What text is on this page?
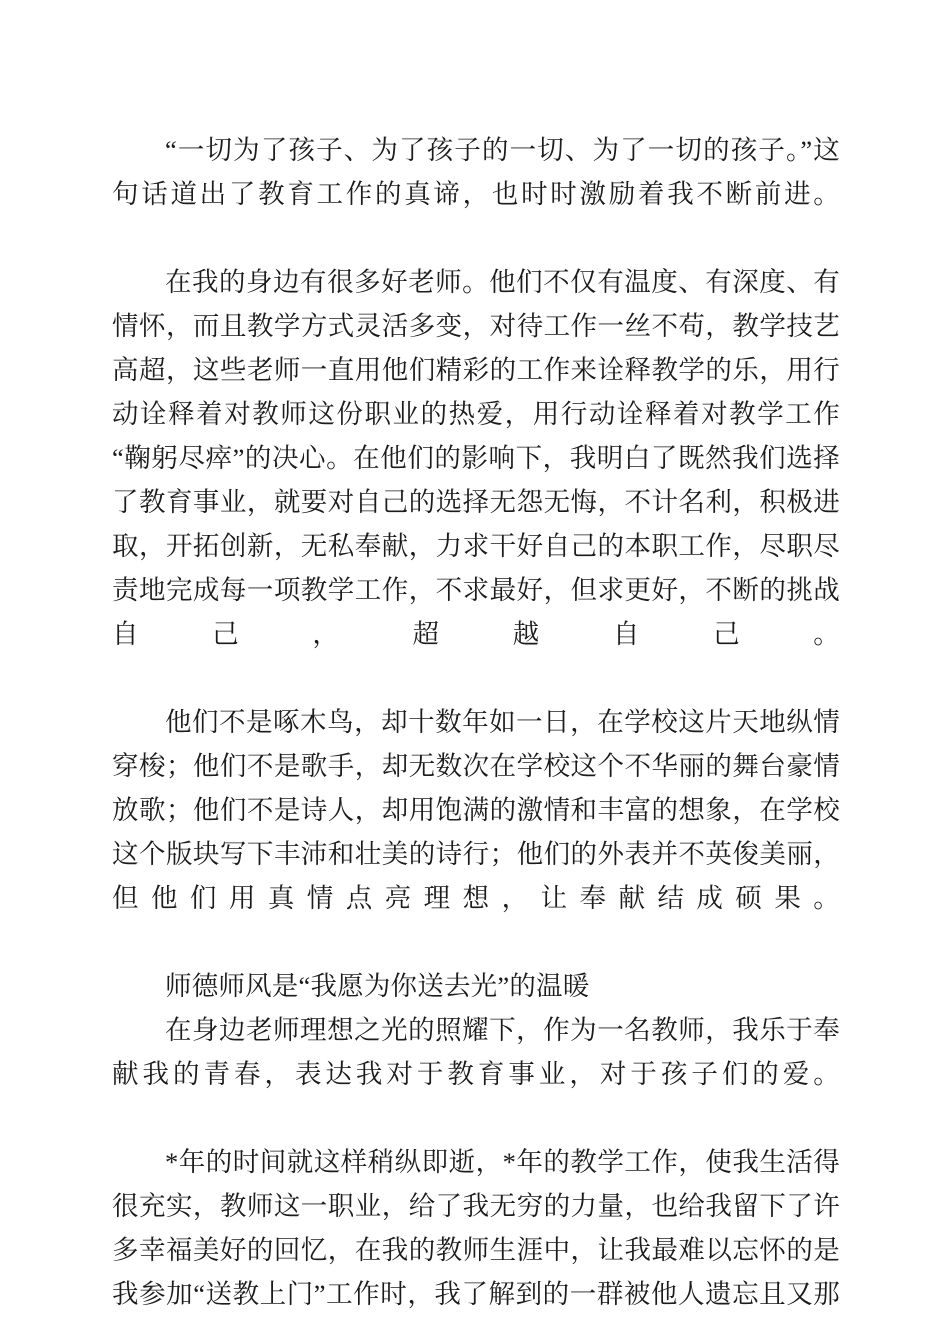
“一切为了孩子、为了孩子的一切、为了一切的孩子。”这句话道出了教育工作的真谛，也时时激励着我不断前进。

在我的身边有很多好老师。他们不仅有温度、有深度、有情怀，而且教学方式灵活多变，对待工作一丝不苟，教学技艺高超，这些老师一直用他们精彩的工作来诠释教学的乐，用行动诠释着对教师这份职业的热爱，用行动诠释着对教学工作“鞠躬尽瘁”的决心。在他们的影响下，我明白了既然我们选择了教育事业，就要对自己的选择无怨无悔，不计名利，积极进取，开拓创新，无私奉献，力求干好自己的本职工作，尽职尽责地完成每一项教学工作，不求最好，但求更好，不断的挑战自己，超越自己。

他们不是啄木鸟，却十数年如一日，在学校这片天地纵情穿梭；他们不是歌手，却无数次在学校这个不华丽的舞台豪情放歌；他们不是诗人，却用饱满的激情和丰富的想象，在学校这个版块写下丰沛和壮美的诗行；他们的外表并不英俊美丽，但他们用真情点亮理想，让奉献结成硕果。

师德师风是“我愿为你送去光”的温暖

在身边老师理想之光的照耀下，作为一名教师，我乐于奉献我的青春，表达我对于教育事业，对于孩子们的爱。

*年的时间就这样稍纵即逝，*年的教学工作，使我生活得很充实，教师这一职业，给了我无穷的力量，也给我留下了许多幸福美好的回忆，在我的教师生涯中，让我最难以忘怀的是我参加“送教上门”工作时，我了解到的一群被他人遗忘且又那
